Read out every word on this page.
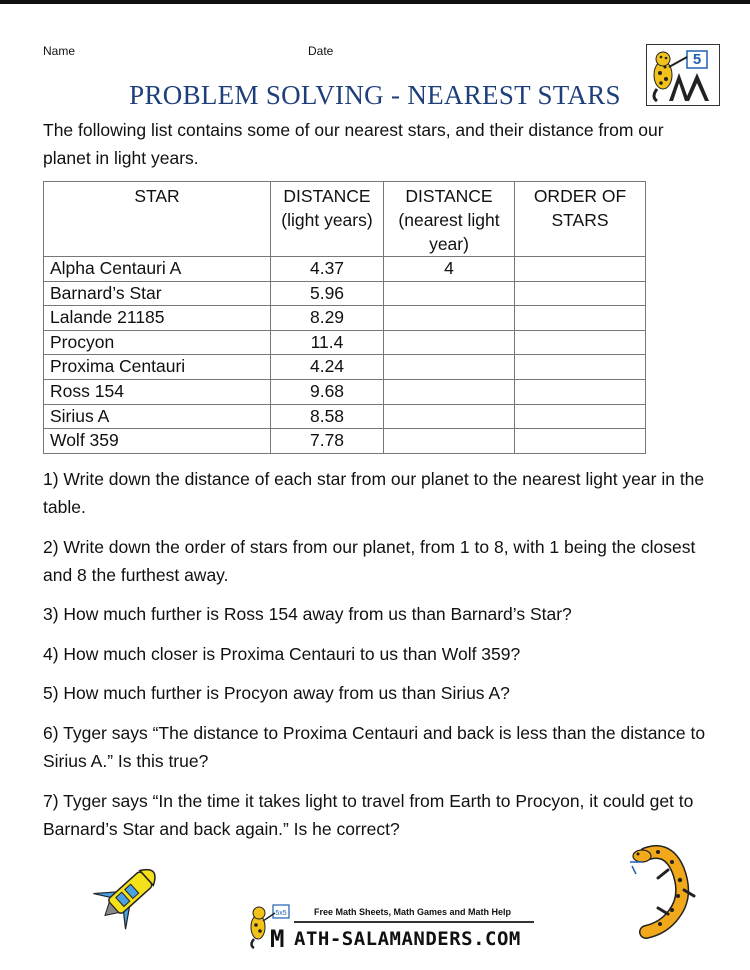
Name	Date	5
PROBLEM SOLVING - NEAREST STARS
The following list contains some of our nearest stars, and their distance from our planet in light years.
STAR	DISTANCE (light years)	DISTANCE (nearest light year)	ORDER OF STARS
Alpha Centauri A	4.37	4	
Barnard’s Star	5.96		
Lalande 21185	8.29		
Procyon	11.4		
Proxima Centauri	4.24		
Ross 154	9.68		
Sirius A	8.58		
Wolf 359	7.78		
1) Write down the distance of each star from our planet to the nearest light year in the table.
2) Write down the order of stars from our planet, from 1 to 8, with 1 being the closest and 8 the furthest away.
3) How much further is Ross 154 away from us than Barnard’s Star?
4) How much closer is Proxima Centauri to us than Wolf 359?
5) How much further is Procyon away from us than Sirius A?
6) Tyger says “The distance to Proxima Centauri and back is less than the distance to Sirius A.” Is this true?
7) Tyger says “In the time it takes light to travel from Earth to Procyon, it could get to Barnard’s Star and back again.” Is he correct?
5x5	Free Math Sheets, Math Games and Math Help
M ATH-SALAMANDERS.COM
